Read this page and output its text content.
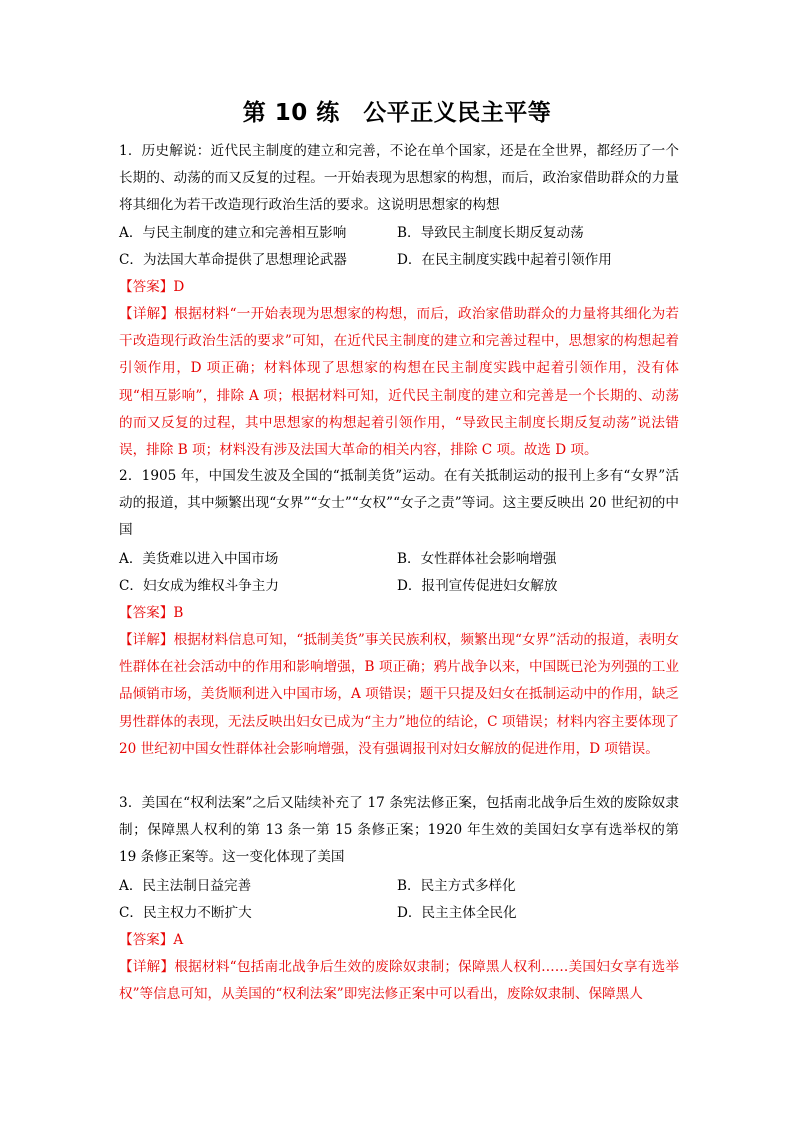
第 10 练　公平正义民主平等

1．历史解说：近代民主制度的建立和完善，不论在单个国家，还是在全世界，都经历了一个长期的、动荡的而又反复的过程。一开始表现为思想家的构想，而后，政治家借助群众的力量将其细化为若干改造现行政治生活的要求。这说明思想家的构想

A．与民主制度的建立和完善相互影响	B．导致民主制度长期反复动荡
C．为法国大革命提供了思想理论武器	D．在民主制度实践中起着引领作用
【答案】D

【详解】根据材料“一开始表现为思想家的构想，而后，政治家借助群众的力量将其细化为若干改造现行政治生活的要求”可知，在近代民主制度的建立和完善过程中，思想家的构想起着引领作用，D 项正确；材料体现了思想家的构想在民主制度实践中起着引领作用，没有体现“相互影响”，排除 A 项；根据材料可知，近代民主制度的建立和完善是一个长期的、动荡的而又反复的过程，其中思想家的构想起着引领作用，“导致民主制度长期反复动荡”说法错误，排除 B 项；材料没有涉及法国大革命的相关内容，排除 C 项。故选 D 项。

2．1905 年，中国发生波及全国的“抵制美货”运动。在有关抵制运动的报刊上多有“女界”活动的报道，其中频繁出现“女界”“女士”“女权”“女子之责”等词。这主要反映出 20 世纪初的中国

A．美货难以进入中国市场	B．女性群体社会影响增强
C．妇女成为维权斗争主力	D．报刊宣传促进妇女解放
【答案】B

【详解】根据材料信息可知，“抵制美货”事关民族利权，频繁出现“女界”活动的报道，表明女性群体在社会活动中的作用和影响增强，B 项正确；鸦片战争以来，中国既已沦为列强的工业品倾销市场，美货顺利进入中国市场，A 项错误；题干只提及妇女在抵制运动中的作用，缺乏男性群体的表现，无法反映出妇女已成为“主力”地位的结论，C 项错误；材料内容主要体现了 20 世纪初中国女性群体社会影响增强，没有强调报刊对妇女解放的促进作用，D 项错误。

3．美国在“权利法案”之后又陆续补充了 17 条宪法修正案，包括南北战争后生效的废除奴隶制；保障黑人权利的第 13 条一第 15 条修正案；1920 年生效的美国妇女享有选举权的第 19 条修正案等。这一变化体现了美国

A．民主法制日益完善	B．民主方式多样化
C．民主权力不断扩大	D．民主主体全民化
【答案】A

【详解】根据材料“包括南北战争后生效的废除奴隶制；保障黑人权利……美国妇女享有选举权”等信息可知，从美国的“权利法案”即宪法修正案中可以看出，废除奴隶制、保障黑人
